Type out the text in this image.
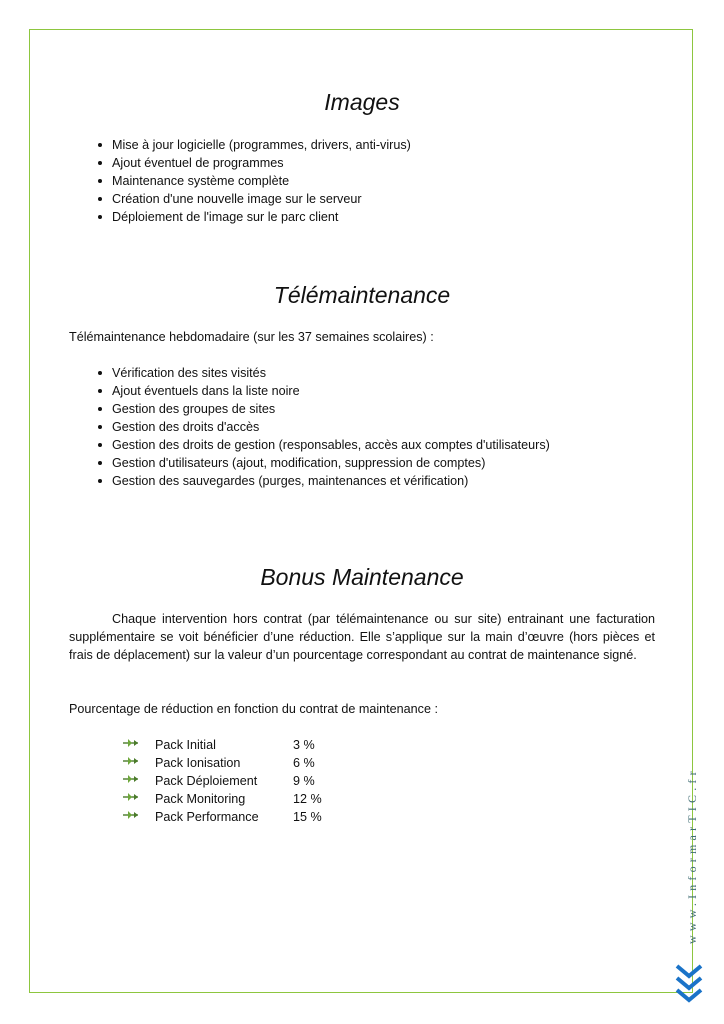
Images
Mise à jour logicielle (programmes, drivers, anti-virus)
Ajout éventuel de programmes
Maintenance système complète
Création d'une nouvelle image sur le serveur
Déploiement de l'image sur le parc client
Télémaintenance

Télémaintenance hebdomadaire (sur les 37 semaines scolaires) :

Vérification des sites visités
Ajout éventuels dans la liste noire
Gestion des groupes de sites
Gestion des droits d'accès
Gestion des droits de gestion (responsables, accès aux comptes d'utilisateurs)
Gestion d'utilisateurs (ajout, modification, suppression de comptes)
Gestion des sauvegardes (purges, maintenances et vérification)
Bonus Maintenance

Chaque intervention hors contrat (par télémaintenance ou sur site) entrainant une facturation supplémentaire se voit bénéficier d’une réduction. Elle s’applique sur la main d’œuvre (hors pièces et frais de déplacement) sur la valeur d’un pourcentage correspondant au contrat de maintenance signé.

Pourcentage de réduction en fonction du contrat de maintenance :

Pack Initial	3 %
Pack Ionisation	6 %
Pack Déploiement	9 %
Pack Monitoring	12 %
Pack Performance	15 %	www.InformarTIC.fr
